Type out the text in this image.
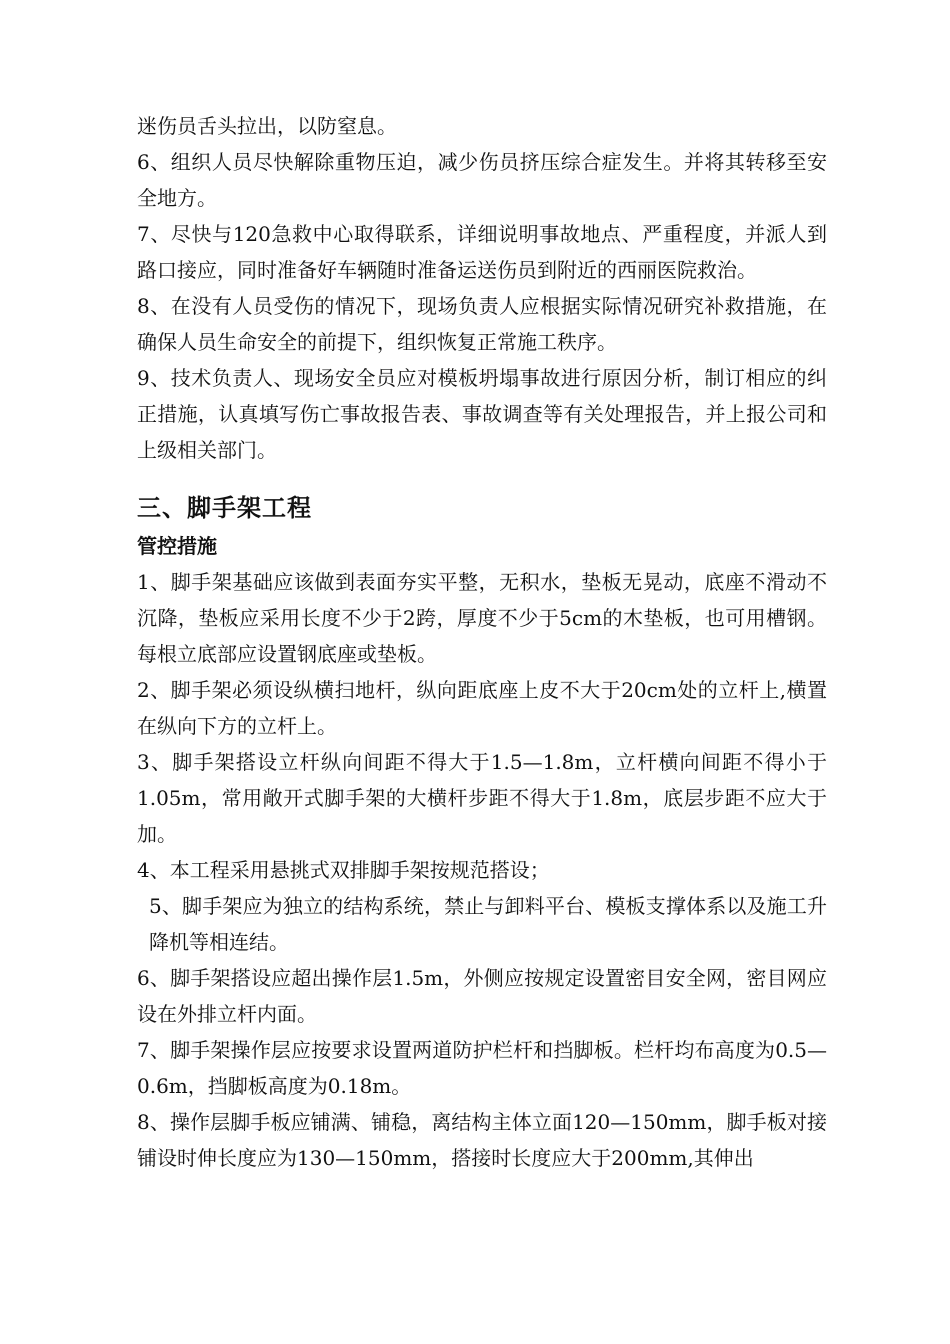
迷伤员舌头拉出，以防窒息。

6、组织人员尽快解除重物压迫，减少伤员挤压综合症发生。并将其转移至安全地方。

7、尽快与120急救中心取得联系，详细说明事故地点、严重程度，并派人到路口接应，同时准备好车辆随时准备运送伤员到附近的西丽医院救治。

8、在没有人员受伤的情况下，现场负责人应根据实际情况研究补救措施，在确保人员生命安全的前提下，组织恢复正常施工秩序。

9、技术负责人、现场安全员应对模板坍塌事故进行原因分析，制订相应的纠正措施，认真填写伤亡事故报告表、事故调查等有关处理报告，并上报公司和上级相关部门。

三、脚手架工程
管控措施

1、脚手架基础应该做到表面夯实平整，无积水，垫板无晃动，底座不滑动不沉降，垫板应采用长度不少于2跨，厚度不少于5cm的木垫板，也可用槽钢。每根立底部应设置钢底座或垫板。

2、脚手架必须设纵横扫地杆，纵向距底座上皮不大于20cm处的立杆上,横置在纵向下方的立杆上。

3、脚手架搭设立杆纵向间距不得大于1.5—1.8m，立杆横向间距不得小于1.05m，常用敞开式脚手架的大横杆步距不得大于1.8m，底层步距不应大于加。

4、本工程采用悬挑式双排脚手架按规范搭设；

5、脚手架应为独立的结构系统，禁止与卸料平台、模板支撑体系以及施工升降机等相连结。

6、脚手架搭设应超出操作层1.5m，外侧应按规定设置密目安全网，密目网应设在外排立杆内面。

7、脚手架操作层应按要求设置两道防护栏杆和挡脚板。栏杆均布高度为0.5—0.6m，挡脚板高度为0.18m。

8、操作层脚手板应铺满、铺稳，离结构主体立面120—150mm，脚手板对接铺设时伸长度应为130—150mm，搭接时长度应大于200mm,其伸出
